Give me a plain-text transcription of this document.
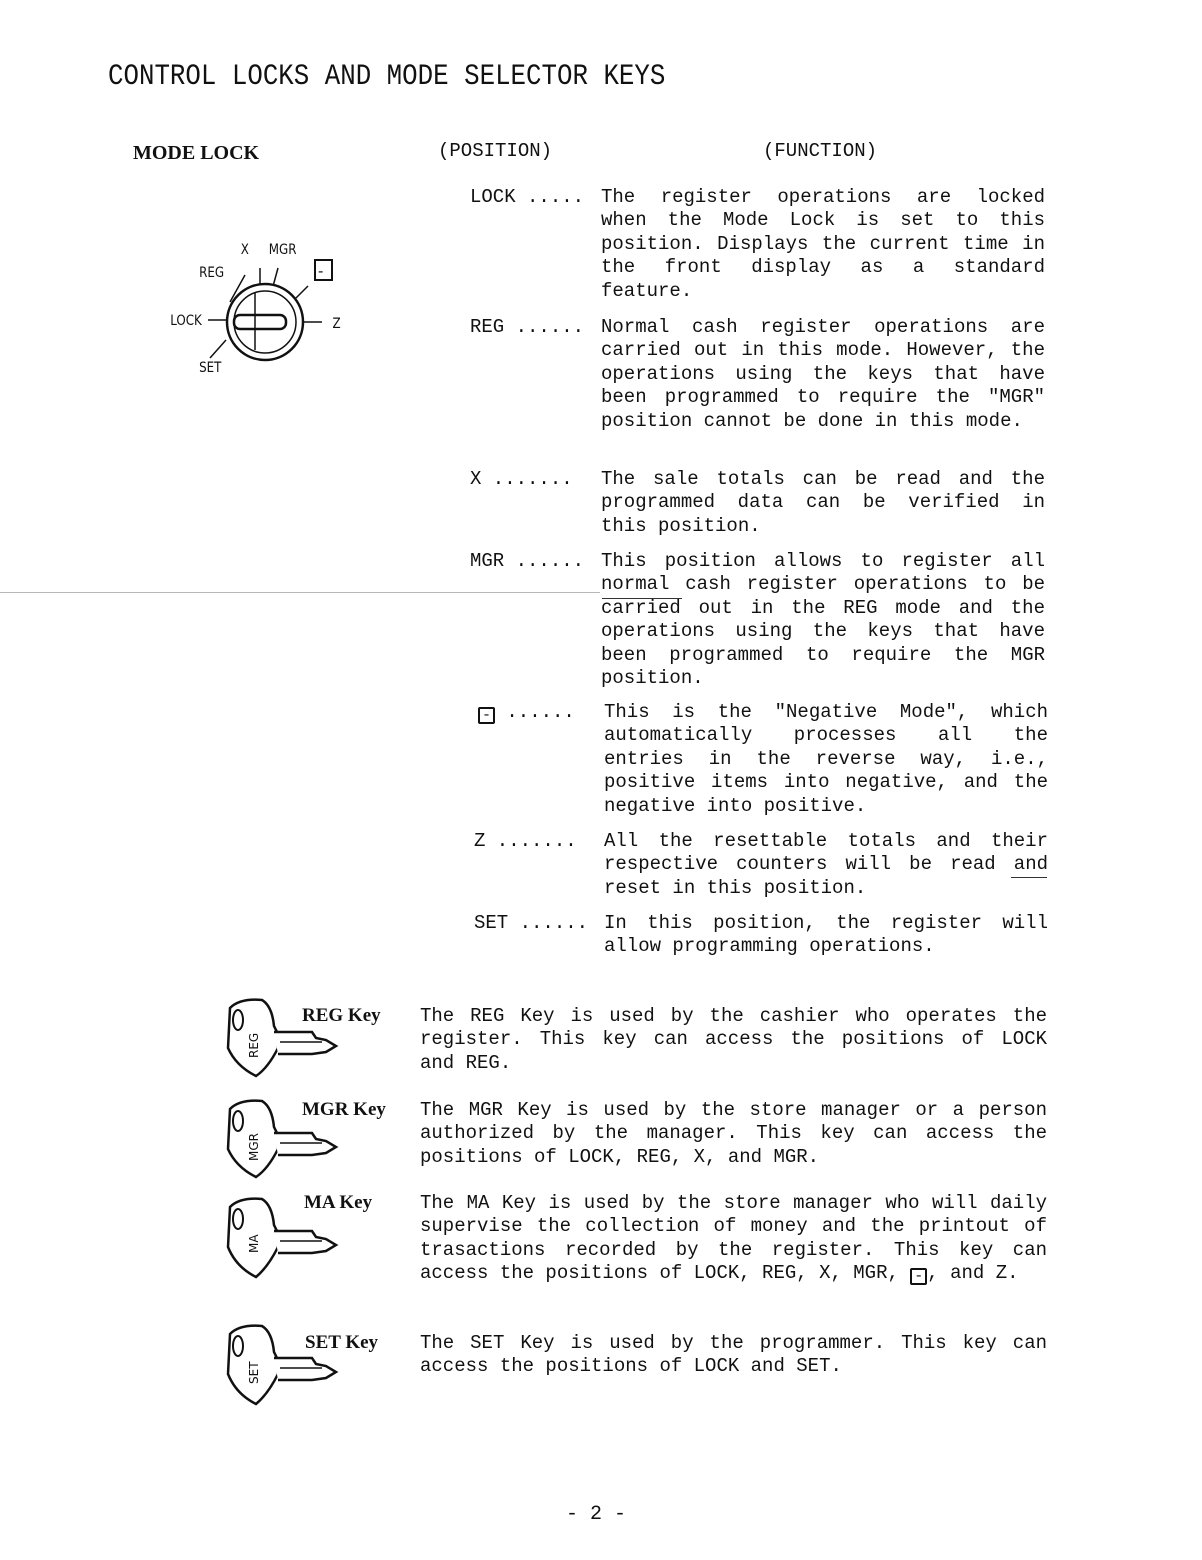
CONTROL LOCKS AND MODE SELECTOR KEYS
MODE LOCK	(POSITION)	(FUNCTION)
X MGR
REG
LOCK
SET
Z
-
LOCK ..... The register operations are locked when the Mode Lock is set to this position. Displays the current time in the front display as a standard feature.
REG ...... Normal cash register operations are carried out in this mode. However, the operations using the keys that have been programmed to require the "MGR" position cannot be done in this mode.
X ....... The sale totals can be read and the programmed data can be verified in this position.
MGR ...... This position allows to register all normal cash register operations to be carried out in the REG mode and the operations using the keys that have been programmed to require the MGR position.
- ...... This is the "Negative Mode", which automatically processes all the entries in the reverse way, i.e., positive items into negative, and the negative into positive.
Z ....... All the resettable totals and their respective counters will be read and reset in this position.
SET ...... In this position, the register will allow programming operations.
REG
REG Key The REG Key is used by the cashier who operates the register. This key can access the positions of LOCK and REG.
MGR
MGR Key The MGR Key is used by the store manager or a person authorized by the manager. This key can access the positions of LOCK, REG, X, and MGR.
MA
MA Key	The MA Key is used by the store manager who will daily supervise the collection of money and the printout of trasactions recorded by the register. This key can access the positions of LOCK, REG, X, MGR, - , and Z.
SET
SET Key The SET Key is used by the programmer. This key can access the positions of LOCK and SET.
- 2 -
